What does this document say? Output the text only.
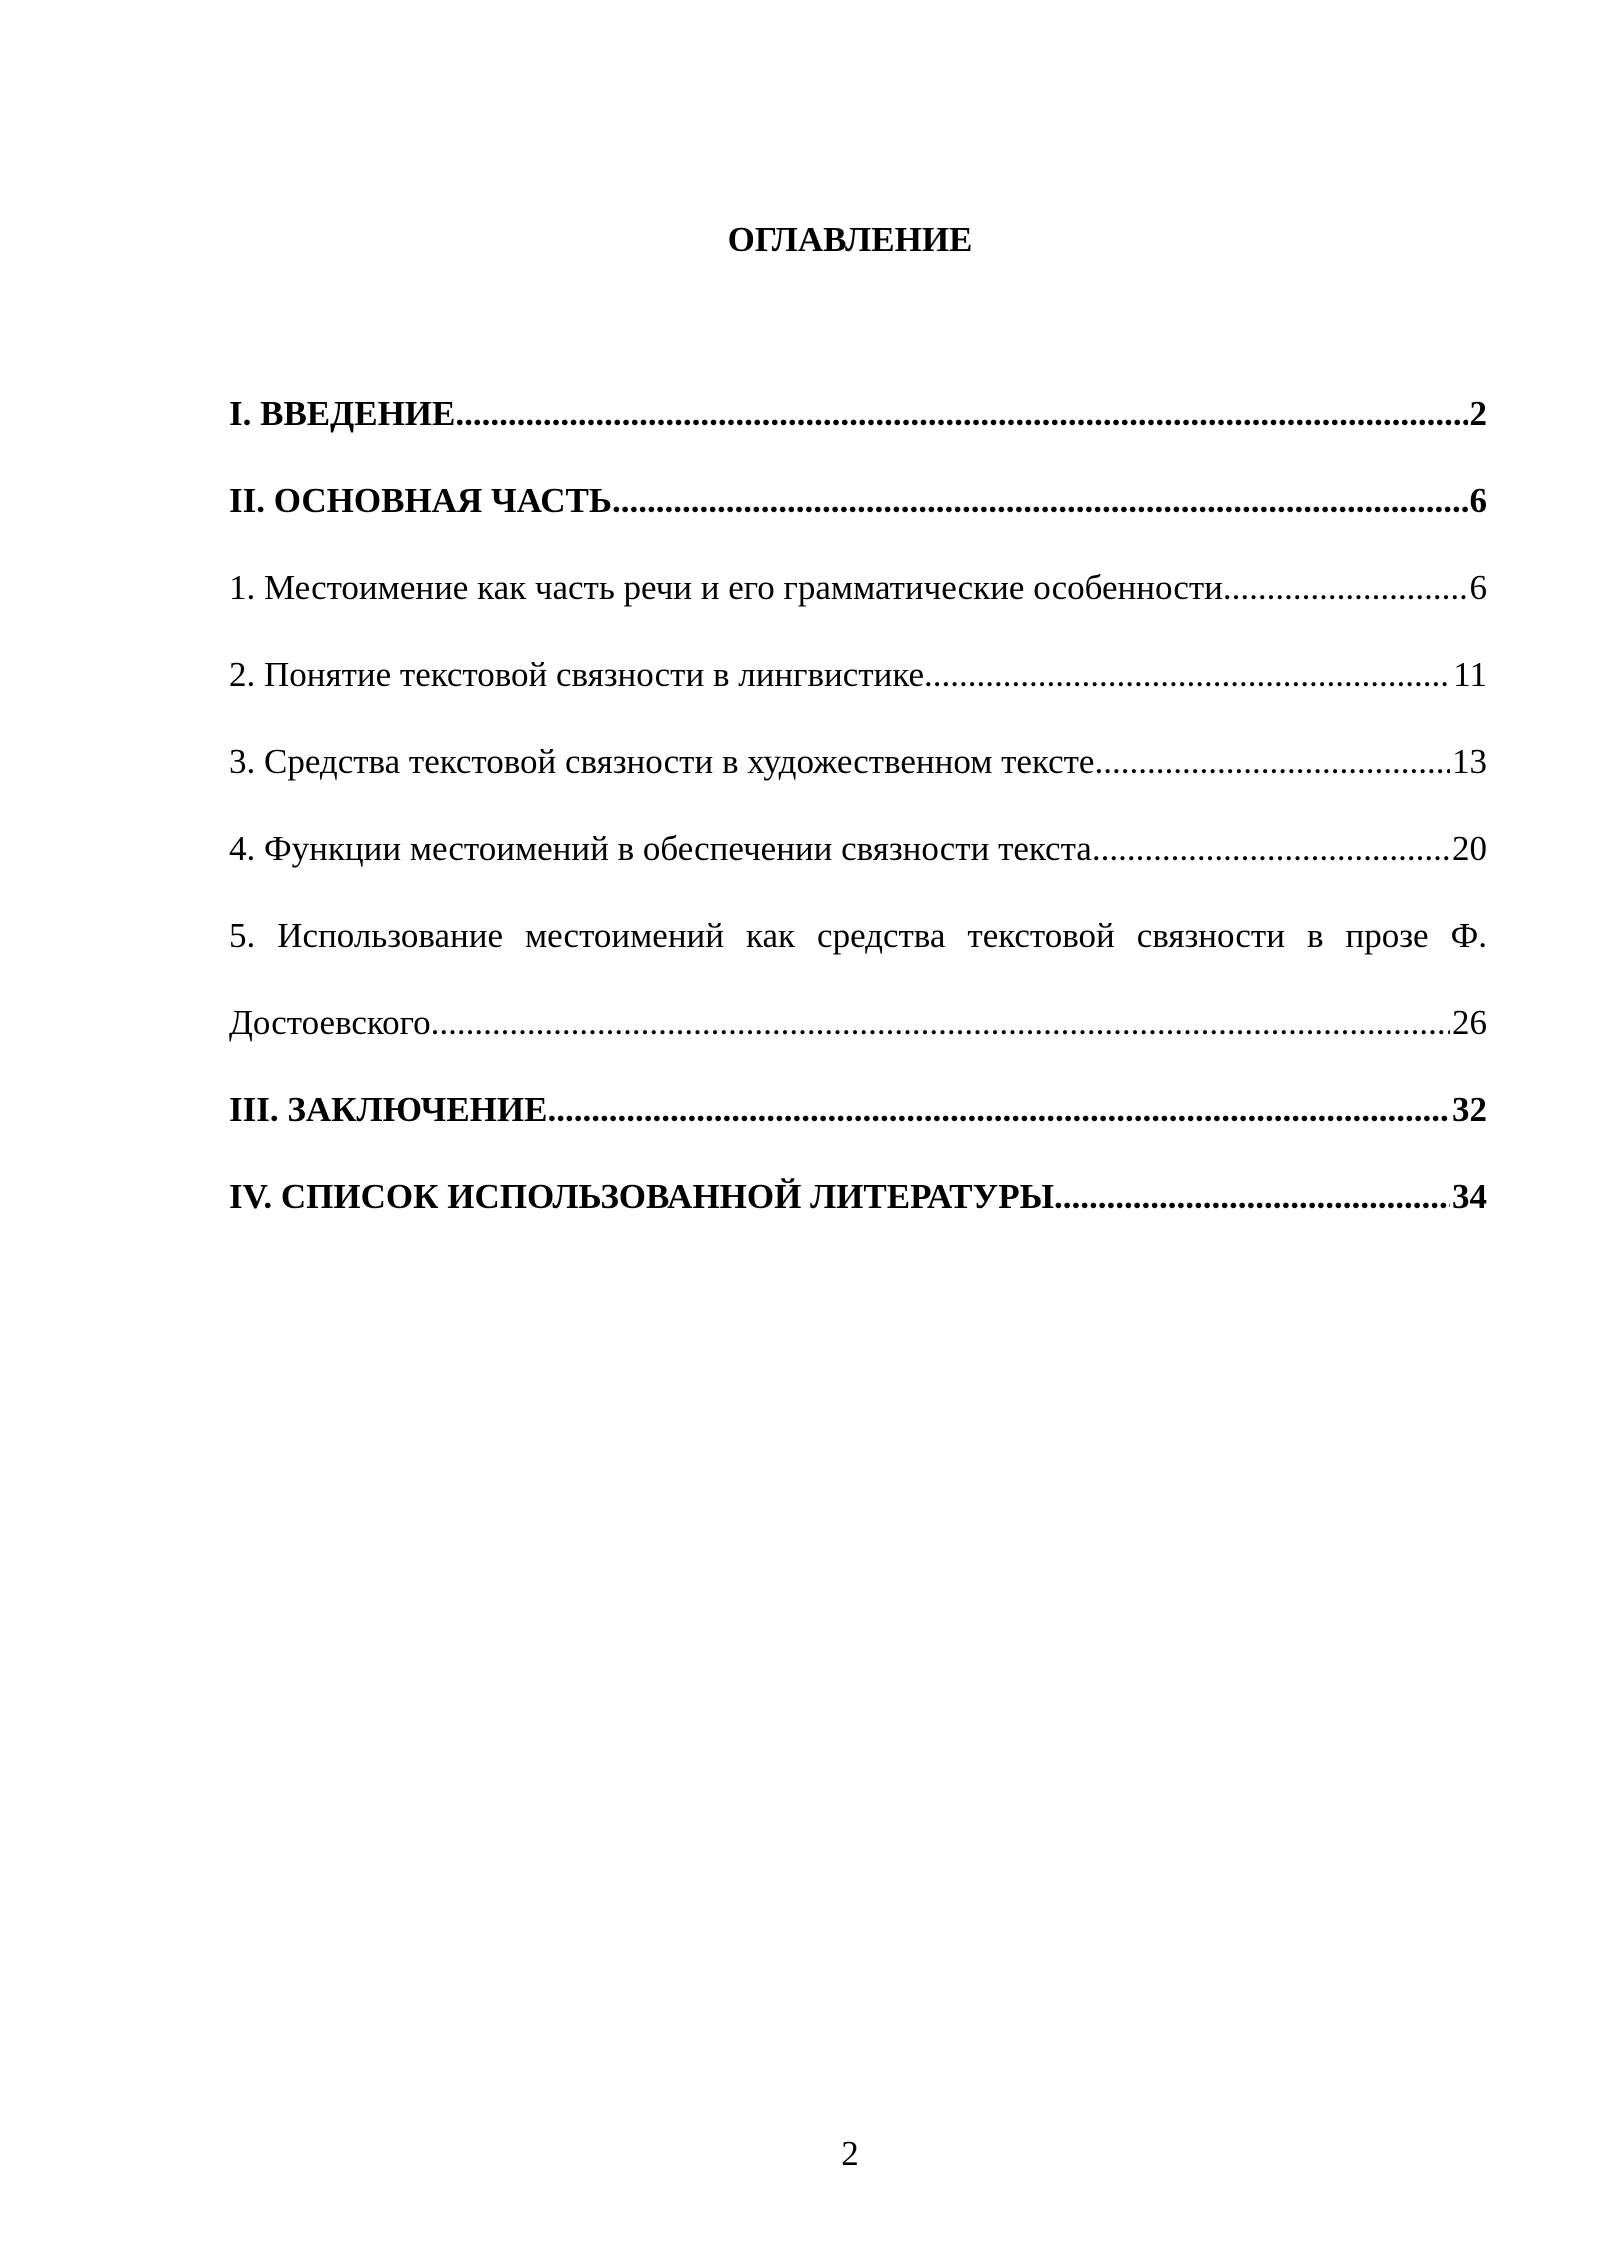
ОГЛАВЛЕНИЕ
I. ВВЕДЕНИЕ .....	2
II. ОСНОВНАЯ ЧАСТЬ .....	6
1. Местоимение как часть речи и его грамматические особенности .....	6
2. Понятие текстовой связности в лингвистике .....	11
3. Средства текстовой связности в художественном тексте .....	13
4. Функции местоимений в обеспечении связности текста .....	20
5. Использование местоимений как средства текстовой связности в прозе Ф.
Достоевского .....	26
III. ЗАКЛЮЧЕНИЕ .....	32
IV. СПИСОК ИСПОЛЬЗОВАННОЙ ЛИТЕРАТУРЫ .....	34
2
